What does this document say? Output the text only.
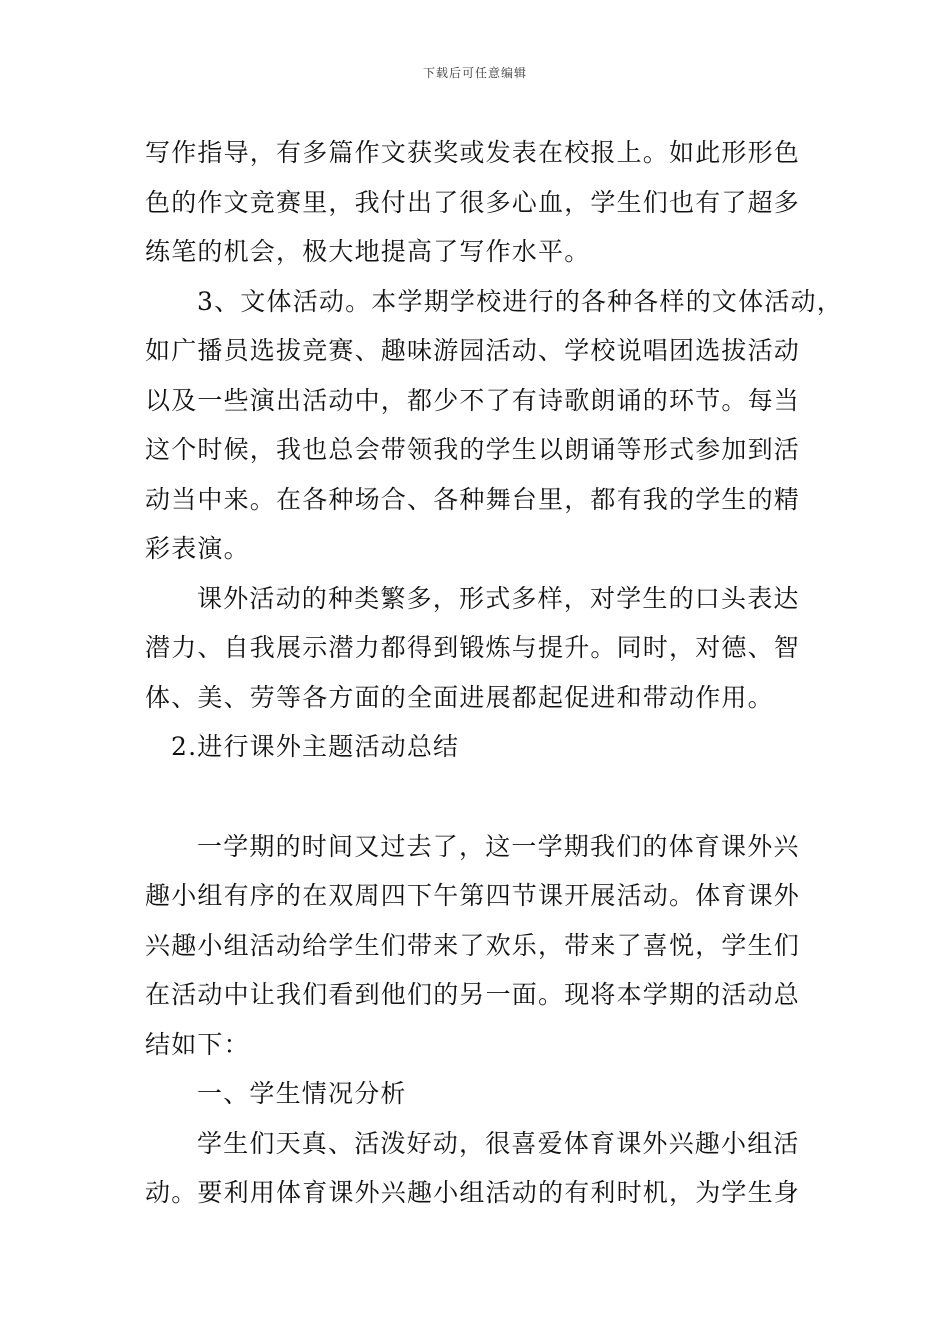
下载后可任意编辑
写作指导，有多篇作文获奖或发表在校报上。如此形形色
色的作文竞赛里，我付出了很多心血，学生们也有了超多
练笔的机会，极大地提高了写作水平。
3、文体活动。本学期学校进行的各种各样的文体活动，
如广播员选拔竞赛、趣味游园活动、学校说唱团选拔活动
以及一些演出活动中，都少不了有诗歌朗诵的环节。每当
这个时候，我也总会带领我的学生以朗诵等形式参加到活
动当中来。在各种场合、各种舞台里，都有我的学生的精
彩表演。
课外活动的种类繁多，形式多样，对学生的口头表达
潜力、自我展示潜力都得到锻炼与提升。同时，对德、智
体、美、劳等各方面的全面进展都起促进和带动作用。
2.进行课外主题活动总结
一学期的时间又过去了，这一学期我们的体育课外兴
趣小组有序的在双周四下午第四节课开展活动。体育课外
兴趣小组活动给学生们带来了欢乐，带来了喜悦，学生们
在活动中让我们看到他们的另一面。现将本学期的活动总
结如下：
一、学生情况分析
学生们天真、活泼好动，很喜爱体育课外兴趣小组活
动。要利用体育课外兴趣小组活动的有利时机，为学生身
